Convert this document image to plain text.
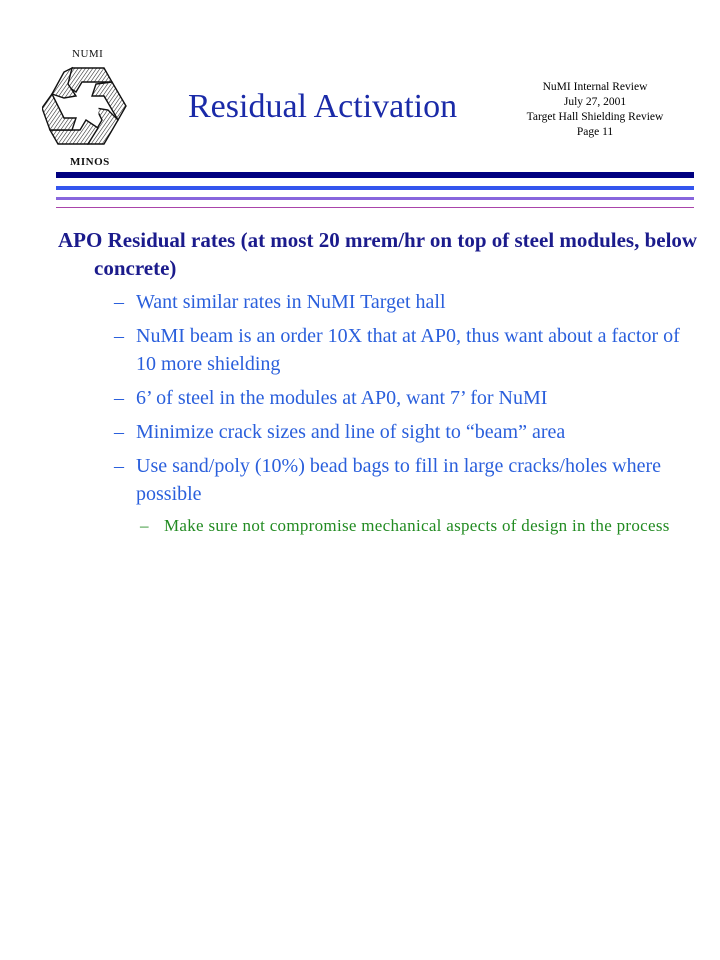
NUMI
MINOS
Residual Activation
NuMI Internal Review
July 27, 2001
Target Hall Shielding Review
Page 11

APO Residual rates (at most 20 mrem/hr on top of steel modules, below concrete)

– Want similar rates in NuMI Target hall

– NuMI beam is an order 10X that at AP0, thus want about a factor of 10 more shielding

– 6’ of steel in the modules at AP0, want 7’ for NuMI

– Minimize crack sizes and line of sight to “beam” area

– Use sand/poly (10%) bead bags to fill in large cracks/holes where possible

– Make sure not compromise mechanical aspects of design in the process
